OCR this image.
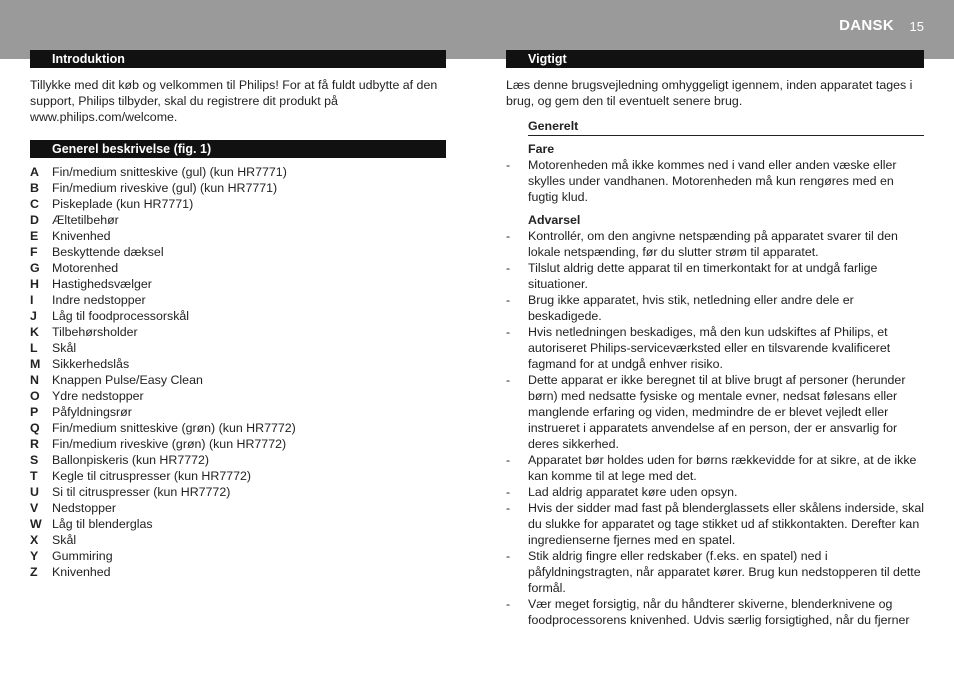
DANSK 15
Introduktion

Tillykke med dit køb og velkommen til Philips! For at få fuldt udbytte af den support, Philips tilbyder, skal du registrere dit produkt på www.philips.com/welcome.

Generel beskrivelse (fig. 1)
A	Fin/medium snitteskive (gul) (kun HR7771)
B	Fin/medium riveskive (gul) (kun HR7771)
C	Piskeplade (kun HR7771)
D	Æltetilbehør
E	Knivenhed
F	Beskyttende dæksel
G Motorenhed
H	Hastighedsvælger
I	Indre nedstopper
J	Låg til foodprocessorskål
K	Tilbehørsholder
L	Skål
M Sikkerhedslås
N	Knappen Pulse/Easy Clean
O Ydre nedstopper
P	Påfyldningsrør
Q Fin/medium snitteskive (grøn) (kun HR7772)
R	Fin/medium riveskive (grøn) (kun HR7772)
S	Ballonpiskeris (kun HR7772)
T	Kegle til citruspresser (kun HR7772)
U	Si til citruspresser (kun HR7772)
V	Nedstopper
W Låg til blenderglas
X	Skål
Y	Gummiring
Z	Knivenhed
Vigtigt

Læs denne brugsvejledning omhyggeligt igennem, inden apparatet tages i brug, og gem den til eventuelt senere brug.

Generelt
Fare
-	Motorenheden må ikke kommes ned i vand eller anden væske eller skylles under vandhanen. Motorenheden må kun rengøres med en fugtig klud.
Advarsel
-	Kontrollér, om den angivne netspænding på apparatet svarer til den lokale netspænding, før du slutter strøm til apparatet.
-	Tilslut aldrig dette apparat til en timerkontakt for at undgå farlige situationer.
-	Brug ikke apparatet, hvis stik, netledning eller andre dele er beskadigede.
-	Hvis netledningen beskadiges, må den kun udskiftes af Philips, et autoriseret Philips-serviceværksted eller en tilsvarende kvalificeret fagmand for at undgå enhver risiko.
-	Dette apparat er ikke beregnet til at blive brugt af personer (herunder børn) med nedsatte fysiske og mentale evner, nedsat følesans eller manglende erfaring og viden, medmindre de er blevet vejledt eller instrueret i apparatets anvendelse af en person, der er ansvarlig for deres sikkerhed.
-	Apparatet bør holdes uden for børns rækkevidde for at sikre, at de ikke kan komme til at lege med det.
-	Lad aldrig apparatet køre uden opsyn.
-	Hvis der sidder mad fast på blenderglassets eller skålens inderside, skal du slukke for apparatet og tage stikket ud af stikkontakten. Derefter kan ingredienserne fjernes med en spatel.
-	Stik aldrig fingre eller redskaber (f.eks. en spatel) ned i påfyldningstragten, når apparatet kører. Brug kun nedstopperen til dette formål.
-	Vær meget forsigtig, når du håndterer skiverne, blenderknivene og foodprocessorens knivenhed. Udvis særlig forsigtighed, når du fjerner
